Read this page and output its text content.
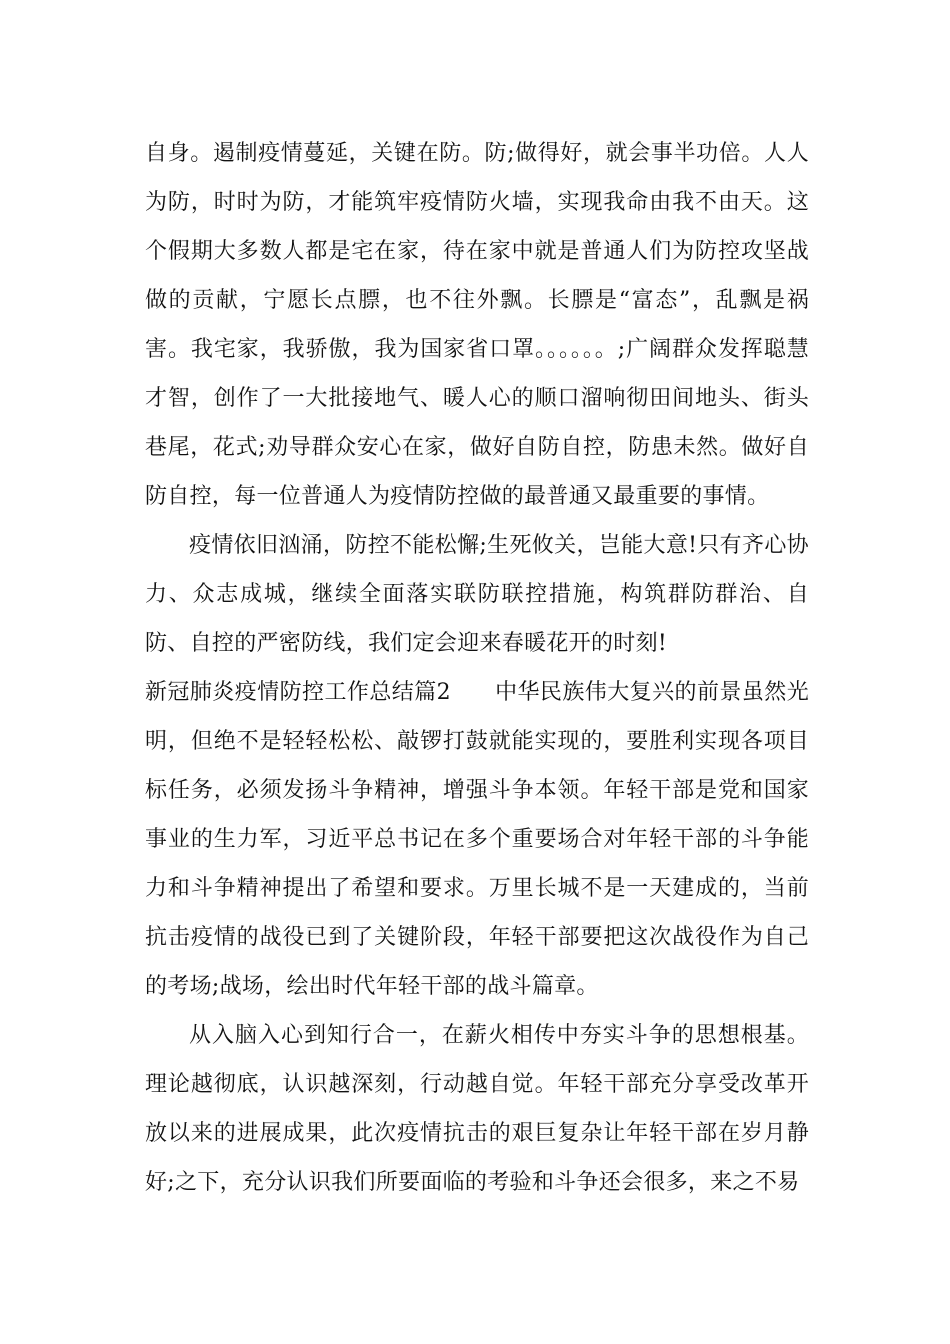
自身。遏制疫情蔓延，关键在防。防;做得好，就会事半功倍。人人为防，时时为防，才能筑牢疫情防火墙，实现我命由我不由天。这个假期大多数人都是宅在家，待在家中就是普通人们为防控攻坚战做的贡献，宁愿长点膘，也不往外飘。长膘是“富态”，乱飘是祸害。我宅家，我骄傲，我为国家省口罩。。。。。。;广阔群众发挥聪慧才智，创作了一大批接地气、暖人心的顺口溜响彻田间地头、街头巷尾，花式;劝导群众安心在家，做好自防自控，防患未然。做好自防自控，每一位普通人为疫情防控做的最普通又最重要的事情。

疫情依旧汹涌，防控不能松懈;生死攸关，岂能大意!只有齐心协力、众志成城，继续全面落实联防联控措施，构筑群防群治、自防、自控的严密防线，我们定会迎来春暖花开的时刻!

新冠肺炎疫情防控工作总结篇2 中华民族伟大复兴的前景虽然光明，但绝不是轻轻松松、敲锣打鼓就能实现的，要胜利实现各项目标任务，必须发扬斗争精神，增强斗争本领。年轻干部是党和国家事业的生力军，习近平总书记在多个重要场合对年轻干部的斗争能力和斗争精神提出了希望和要求。万里长城不是一天建成的，当前抗击疫情的战役已到了关键阶段，年轻干部要把这次战役作为自己的考场;战场，绘出时代年轻干部的战斗篇章。

从入脑入心到知行合一，在薪火相传中夯实斗争的思想根基。理论越彻底，认识越深刻，行动越自觉。年轻干部充分享受改革开放以来的进展成果，此次疫情抗击的艰巨复杂让年轻干部在岁月静好;之下，充分认识我们所要面临的考验和斗争还会很多，来之不易
